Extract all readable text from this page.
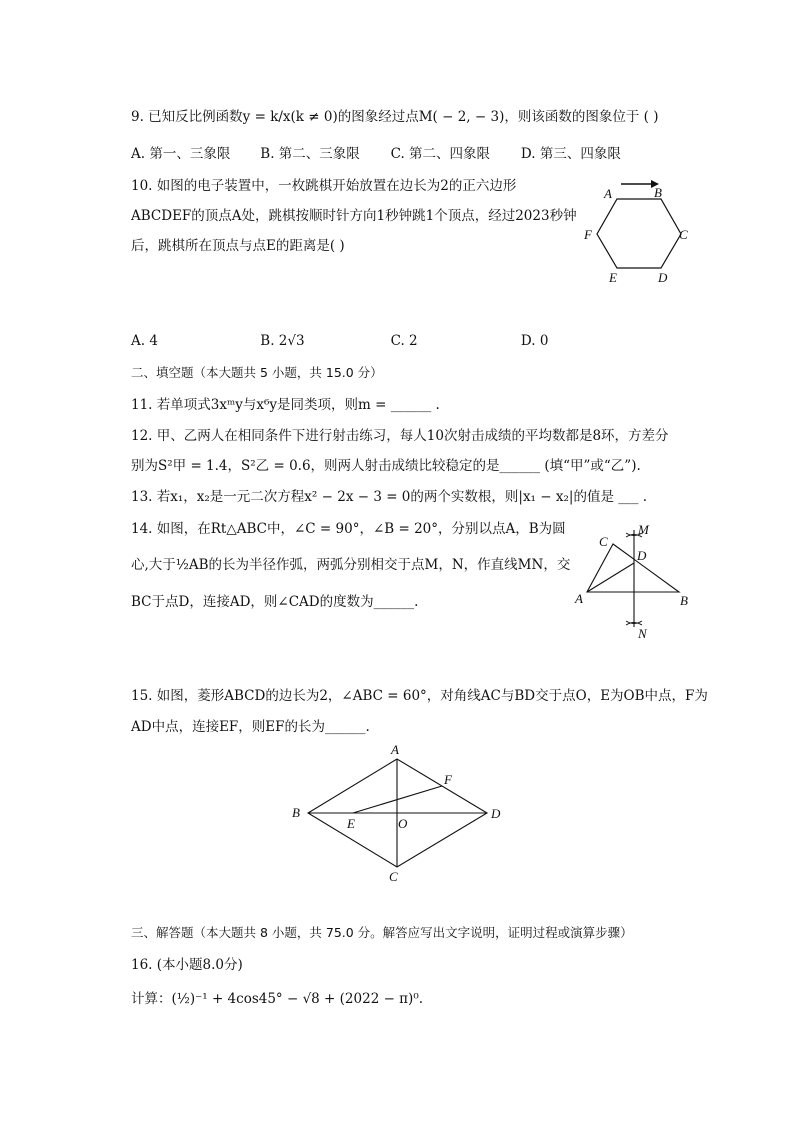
9. 已知反比例函数y = k/x(k ≠ 0)的图象经过点M( − 2, − 3)，则该函数的图象位于 ( )
A. 第一、三象限 B. 第二、三象限 C. 第二、四象限 D. 第三、四象限
10. 如图的电子装置中，一枚跳棋开始放置在边长为2的正六边形
ABCDEF的顶点A处，跳棋按顺时针方向1秒钟跳1个顶点，经过2023秒钟
后，跳棋所在顶点与点E的距离是( )
A	B
C
D
E
F
A. 4	B. 2√3	C. 2	D. 0
二、填空题（本大题共 5 小题，共 15.0 分）
11. 若单项式3xᵐy与x⁶y是同类项，则m = ______ .
12. 甲、乙两人在相同条件下进行射击练习，每人10次射击成绩的平均数都是8环，方差分
别为S²甲 = 1.4，S²乙 = 0.6，则两人射击成绩比较稳定的是______ (填“甲”或“乙”).
13. 若x₁，x₂是一元二次方程x² − 2x − 3 = 0的两个实数根，则|x₁ − x₂|的值是 ___ .
14. 如图，在Rt△ABC中，∠C = 90°，∠B = 20°，分别以点A，B为圆
心,大于½AB的长为半径作弧，两弧分别相交于点M，N，作直线MN，交
BC于点D，连接AD，则∠CAD的度数为______.
M
C
D
A	B
N
15. 如图，菱形ABCD的边长为2，∠ABC = 60°，对角线AC与BD交于点O，E为OB中点，F为
AD中点，连接EF，则EF的长为______.
A
F
B
E	O
D
C
三、解答题（本大题共 8 小题，共 75.0 分。解答应写出文字说明，证明过程或演算步骤）
16. (本小题8.0分)
计算：(½)⁻¹ + 4cos45° − √8 + (2022 − π)⁰.
